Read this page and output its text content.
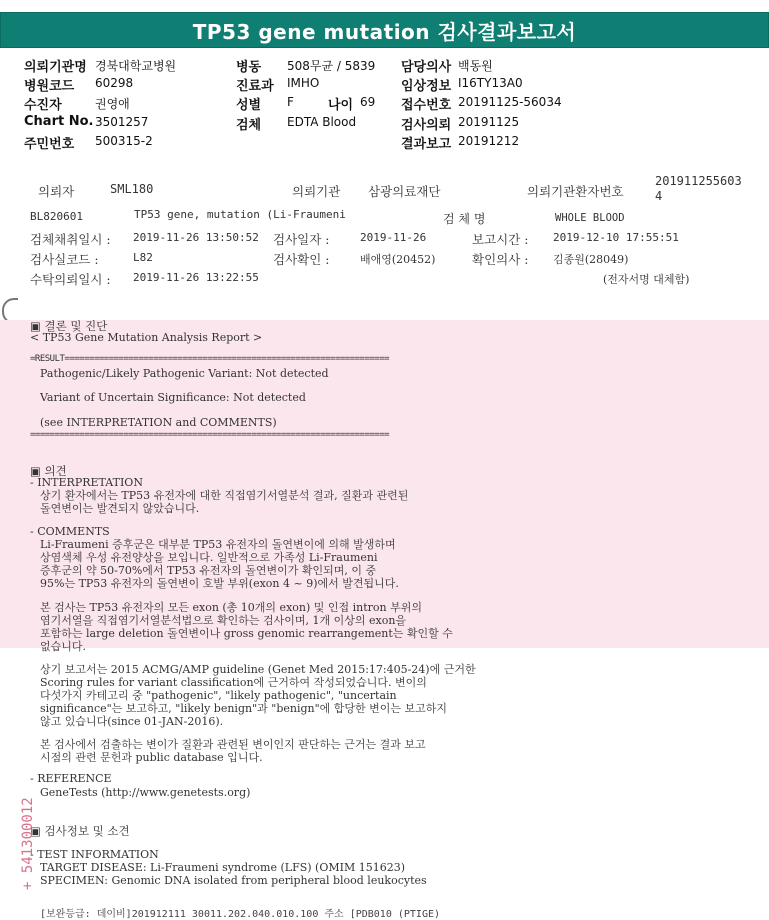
TP53 gene mutation 검사결과보고서
의뢰기관명 경북대학교병원	병동 508무균 / 5839 담당의사 백동원
병원코드 60298	진료과 IMHO	임상정보 I16TY13A0
수진자	권영애	성별 F	나이 69 접수번호 20191125-56034
Chart No. 3501257	검체 EDTA Blood	검사의뢰 20191125
주민번호 500315-2	결과보고 20191212
의뢰자	SML180	의뢰기관 삼광의료재단	의뢰기관환자번호
201911255603
4
BL820601	TP53 gene, mutation (Li-Fraumeni	검 체 명	WHOLE BLOOD
검체채취일시 : 2019-11-26 13:50:52 검사일자 :	2019-11-26	보고시간 : 2019-12-10 17:55:51
검사실코드 :	L82	검사확인 :	배애영(20452)	확인의사 : 김종원(28049)
수탁의뢰일시 : 2019-11-26 13:22:55	(전자서명 대체함)
▣ 결론 및 진단
< TP53 Gene Mutation Analysis Report >
=RESULT==================================================================
Pathogenic/Likely Pathogenic Variant: Not detected
Variant of Uncertain Significance: Not detected
(see INTERPRETATION and COMMENTS)
=========================================================================
▣ 의견
- INTERPRETATION
상기 환자에서는 TP53 유전자에 대한 직접염기서열분석 결과, 질환과 관련된
돌연변이는 발견되지 않았습니다.
- COMMENTS
Li-Fraumeni 증후군은 대부분 TP53 유전자의 돌연변이에 의해 발생하며
상염색체 우성 유전양상을 보입니다. 일반적으로 가족성 Li-Fraumeni
증후군의 약 50-70%에서 TP53 유전자의 돌연변이가 확인되며, 이 중
95%는 TP53 유전자의 돌연변이 호발 부위(exon 4 ~ 9)에서 발견됩니다.
본 검사는 TP53 유전자의 모든 exon (총 10개의 exon) 및 인접 intron 부위의
염기서열을 직접염기서열분석법으로 확인하는 검사이며, 1개 이상의 exon을
포함하는 large deletion 돌연변이나 gross genomic rearrangement는 확인할 수
없습니다.
상기 보고서는 2015 ACMG/AMP guideline (Genet Med 2015:17:405-24)에 근거한
Scoring rules for variant classification에 근거하여 작성되었습니다. 변이의
다섯가지 카테고리 중 "pathogenic", "likely pathogenic", "uncertain
significance"는 보고하고, "likely benign"과 "benign"에 합당한 변이는 보고하지
않고 있습니다(since 01-JAN-2016).
본 검사에서 검출하는 변이가 질환과 관련된 변이인지 판단하는 근거는 결과 보고
시점의 관련 문헌과 public database 입니다.
- REFERENCE
GeneTests (http://www.genetests.org)
▣ 검사정보 및 소견
- TEST INFORMATION
TARGET DISEASE: Li-Fraumeni syndrome (LFS) (OMIM 151623)
SPECIMEN: Genomic DNA isolated from peripheral blood leukocytes
+ 541300012
[보완등급: 데이비]201912111 30011.202.040.010.100 주소 [PDB010 (PTIGE)
